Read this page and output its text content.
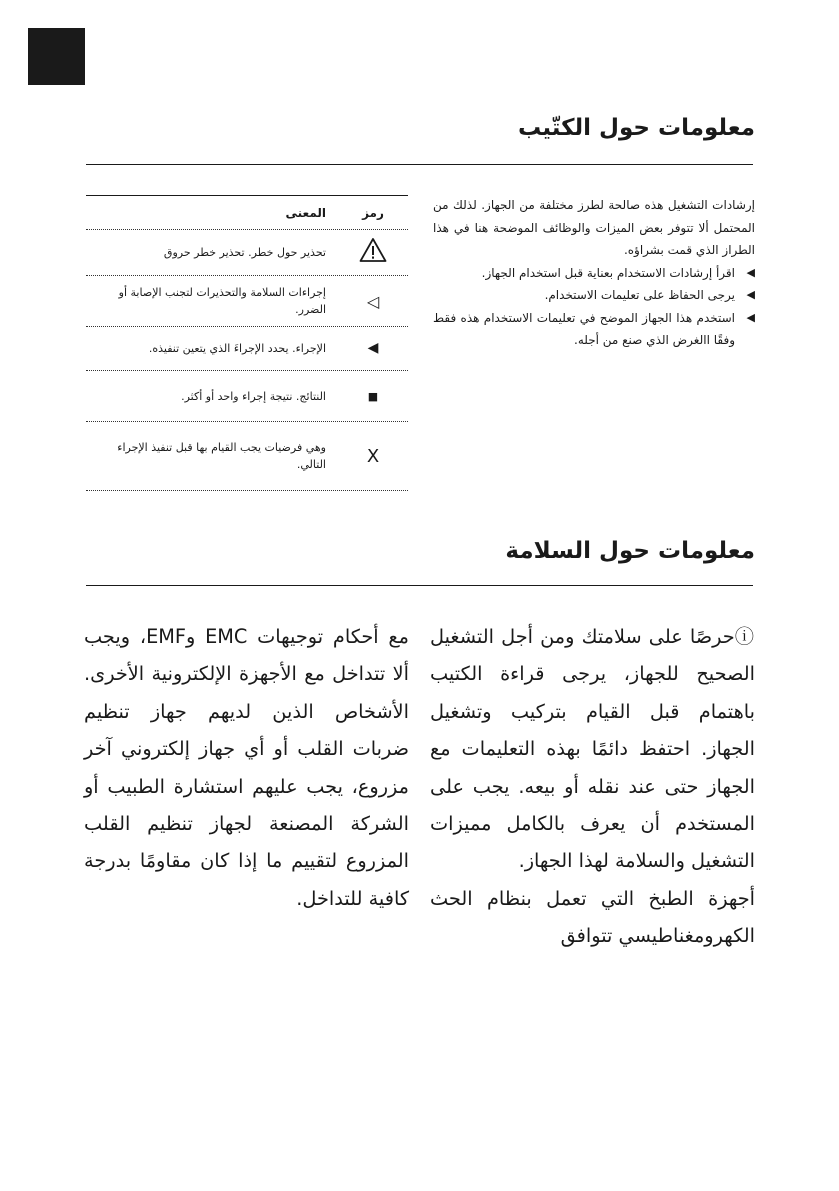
معلومات حول الكتّيب

إرشادات التشغيل هذه صالحة لطرز مختلفة من الجهاز. لذلك من المحتمل ألا تتوفر بعض الميزات والوظائف الموضحة هنا في هذا الطراز الذي قمت بشراؤه.

◀
اقرأ إرشادات الاستخدام بعناية قبل استخدام الجهاز.

◀
يرجى الحفاظ على تعليمات الاستخدام.

◀
استخدم هذا الجهاز الموضح في تعليمات الاستخدام هذه فقط وفقًا االغرض الذي صنع من أجله.

رمز
المعنى
تحذير حول خطر. تحذير خطر حروق
◁
إجراءات السلامة والتحذيرات لتجنب الإصابة أو الضرر.
◀
الإجراء. يحدد الإجراءَ الذي يتعين تنفيذه.
■
النتائج. نتيجة إجراء واحد أو أكثر.
X
وهي فرضيات يجب القيام بها قبل تنفيذ الإجراء التالي.
معلومات حول السلامة

ⓘحرصًا على سلامتك ومن أجل التشغيل الصحيح للجهاز، يرجى قراءة الكتيب باهتمام قبل القيام بتركيب وتشغيل الجهاز. احتفظ دائمًا بهذه التعليمات مع الجهاز حتى عند نقله أو بيعه. يجب على المستخدم أن يعرف بالكامل مميزات التشغيل والسلامة لهذا الجهاز.

أجهزة الطبخ التي تعمل بنظام الحث الكهرومغناطيسي تتوافق

مع أحكام توجيهات EMC وEMF، ويجب ألا تتداخل مع الأجهزة الإلكترونية الأخرى. الأشخاص الذين لديهم جهاز تنظيم ضربات القلب أو أي جهاز إلكتروني آخر مزروع، يجب عليهم استشارة الطبيب أو الشركة المصنعة لجهاز تنظيم القلب المزروع لتقييم ما إذا كان مقاومًا بدرجة كافية للتداخل.
